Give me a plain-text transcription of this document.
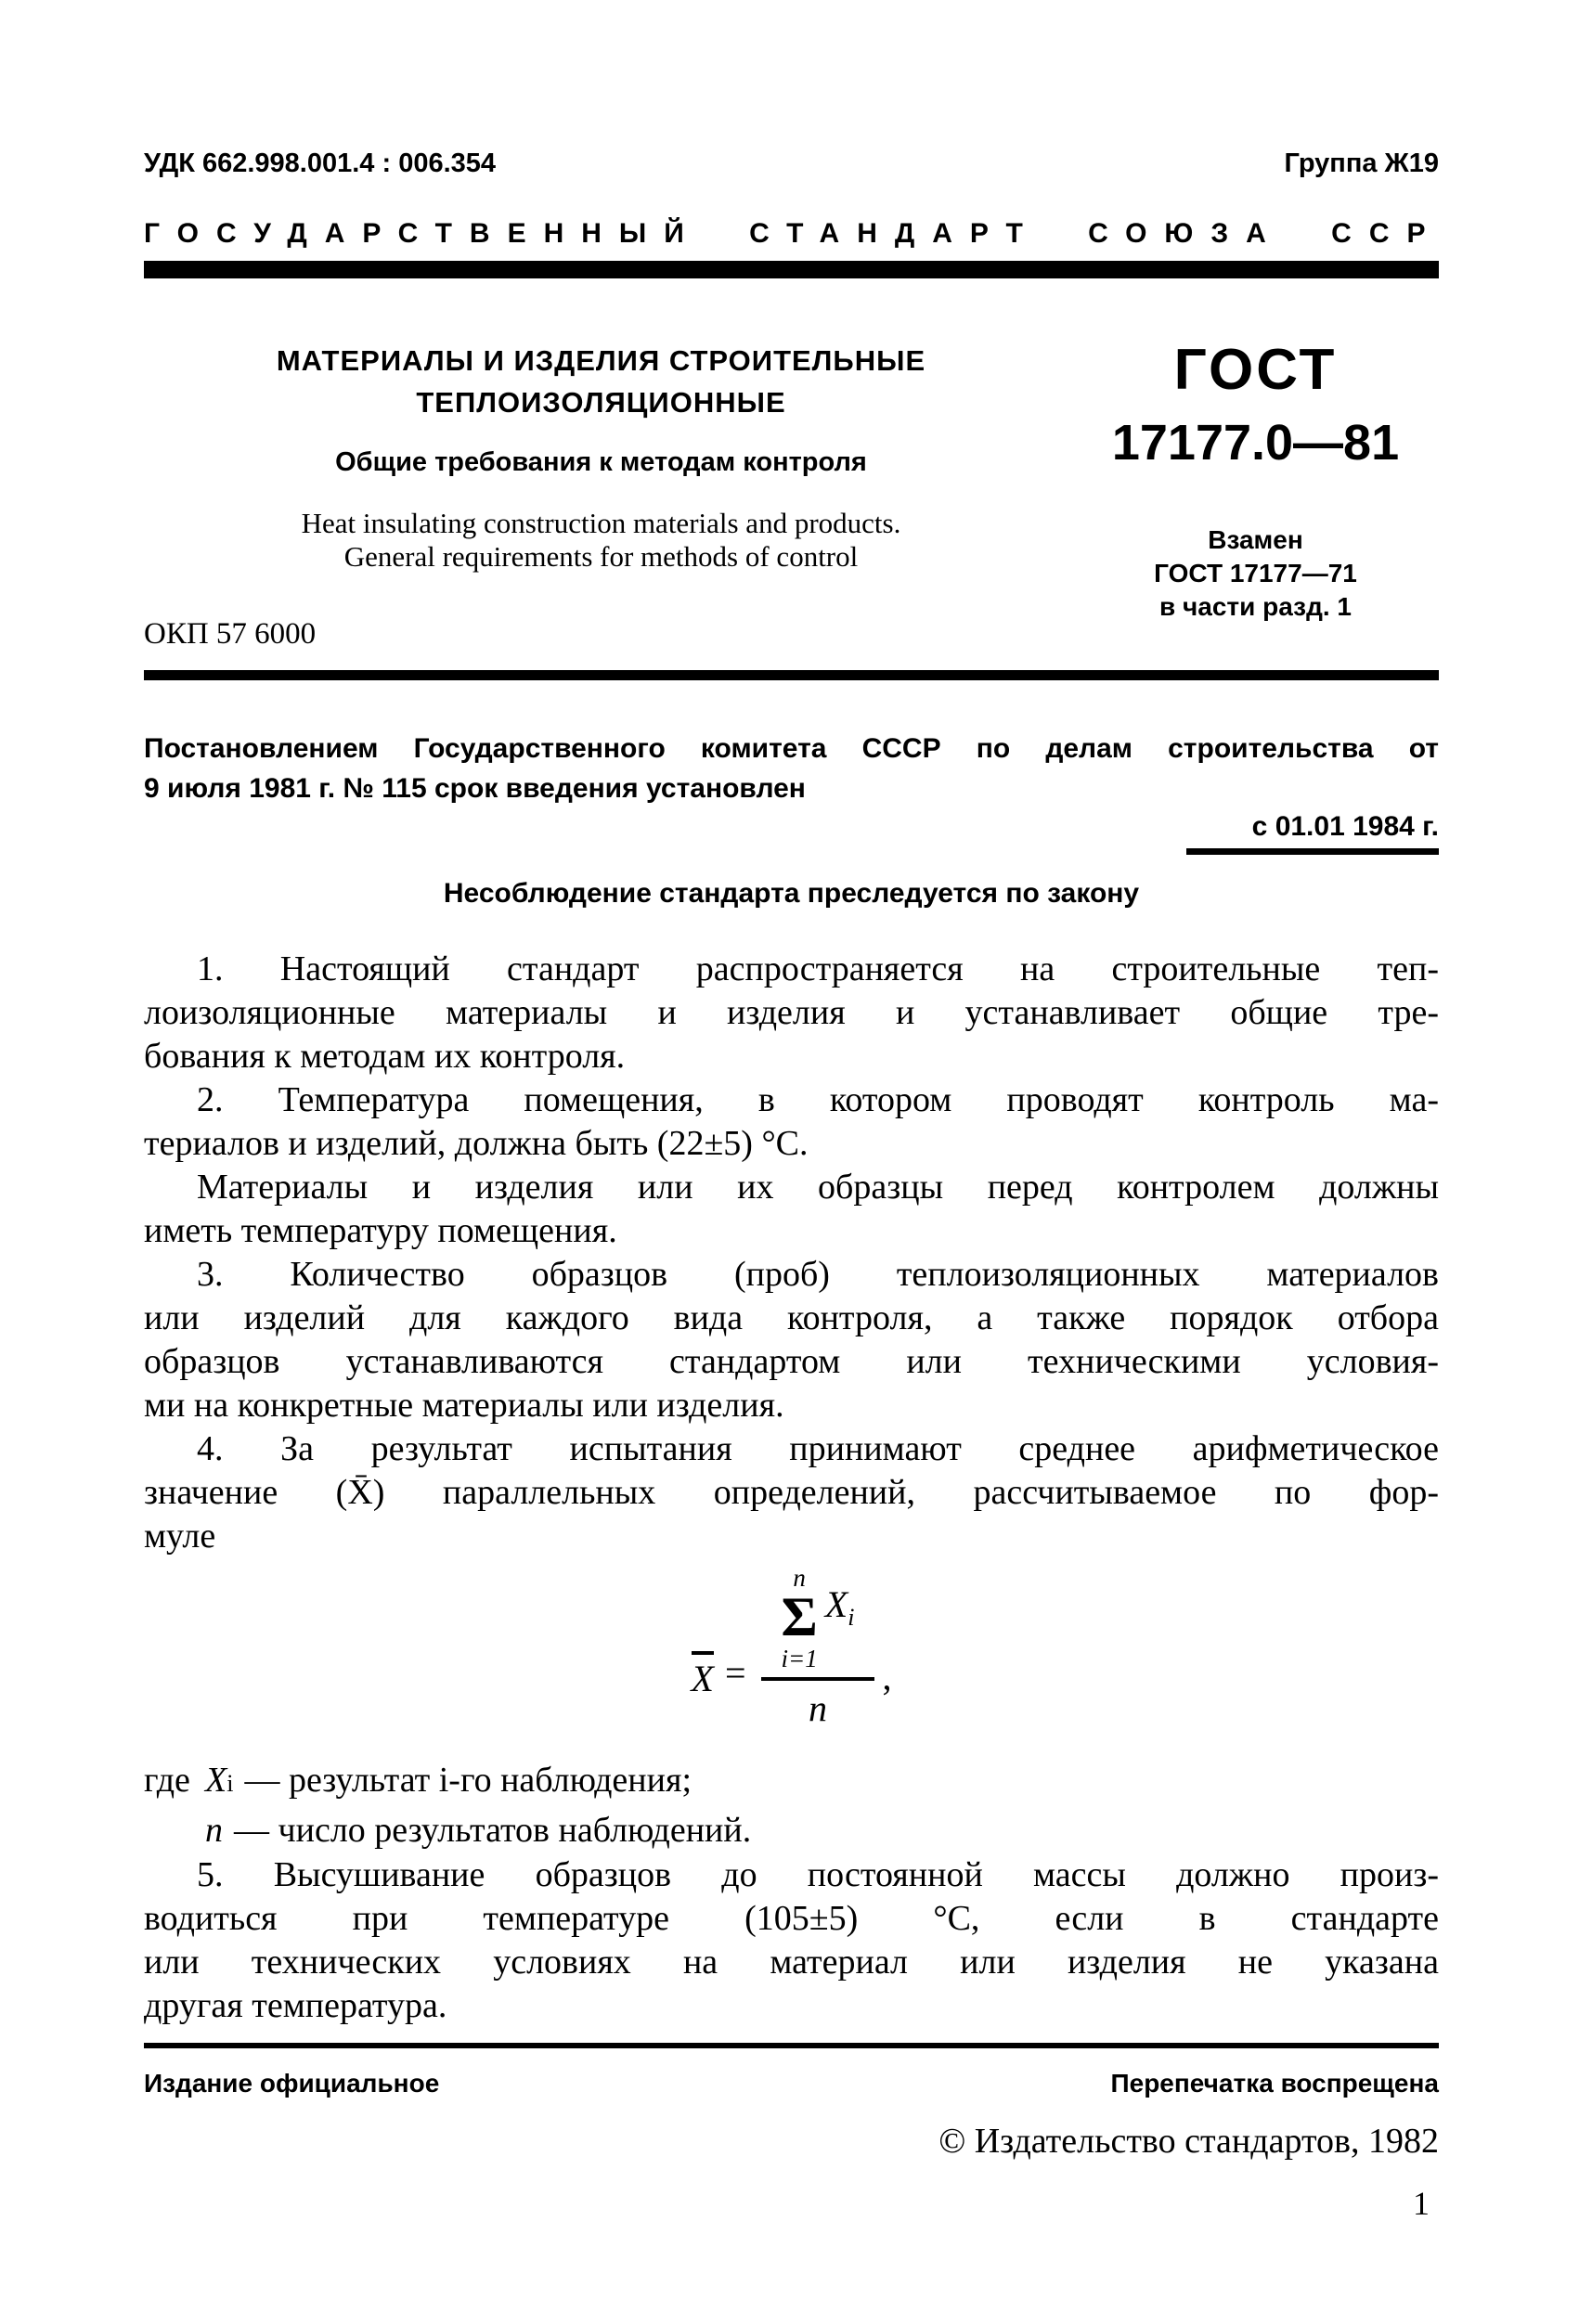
УДК 662.998.001.4 : 006.354	Группа Ж19
ГОСУДАРСТВЕННЫЙ СТАНДАРТ СОЮЗА ССР
МАТЕРИАЛЫ И ИЗДЕЛИЯ СТРОИТЕЛЬНЫЕ
ТЕПЛОИЗОЛЯЦИОННЫЕ
Общие требования к методам контроля
Heat insulating construction materials and products.
General requirements for methods of control
ОКП 57 6000
ГОСТ
17177.0—81
Взамен
ГОСТ 17177—71
в части разд. 1
Постановлением Государственного комитета СССР по делам строительства от
9 июля 1981 г. № 115 срок введения установлен
с 01.01 1984 г.
Несоблюдение стандарта преследуется по закону
1. Настоящий стандарт распространяется на строительные теп-
лоизоляционные материалы и изделия и устанавливает общие тре-
бования к методам их контроля.
2. Температура помещения, в котором проводят контроль ма-
териалов и изделий, должна быть (22±5) °С.
Материалы и изделия или их образцы перед контролем должны
иметь температуру помещения.
3. Количество образцов (проб) теплоизоляционных материалов
или изделий для каждого вида контроля, а также порядок отбора
образцов устанавливаются стандартом или техническими условия-
ми на конкретные материалы или изделия.
4. За результат испытания принимают среднее арифметическое
значение (X̄) параллельных определений, рассчитываемое по фор-
муле
X = n
Σ
i=1
$X_i$
n ,
где X i — результат i-го наблюдения;
n — число результатов наблюдений.
5. Высушивание образцов до постоянной массы должно произ-
водиться при температуре (105±5) °С, если в стандарте
или технических условиях на материал или изделия не указана
другая температура.
Издание официальное	Перепечатка воспрещена
© Издательство стандартов, 1982
1
